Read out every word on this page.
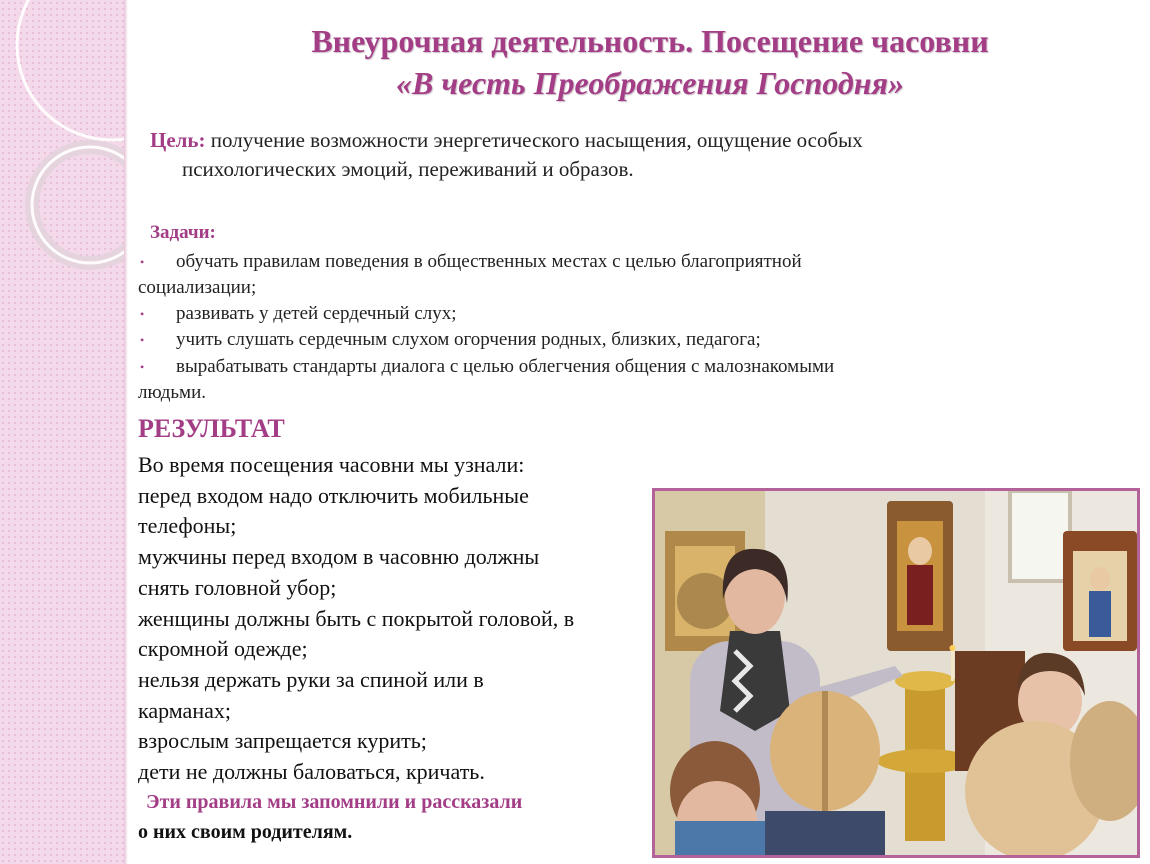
Внеурочная деятельность. Посещение часовни
«В честь Преображения Господня»
Цель: получение возможности энергетического насыщения, ощущение особых
психологических эмоций, переживаний и образов.
Задачи:
• обучать правилам поведения в общественных местах с целью благоприятной
социализации;
• развивать у детей сердечный слух;
• учить слушать сердечным слухом огорчения родных, близких, педагога;
• вырабатывать стандарты диалога с целью облегчения общения с малознакомыми
людьми.
РЕЗУЛЬТАТ
Во время посещения часовни мы узнали:
перед входом надо отключить мобильные
телефоны;
мужчины перед входом в часовню должны
снять головной убор;
женщины должны быть с покрытой головой, в
скромной одежде;
нельзя держать руки за спиной или в
карманах;
взрослым запрещается курить;
дети не должны баловаться, кричать.
Эти правила мы запомнили и рассказали
о них своим родителям.
